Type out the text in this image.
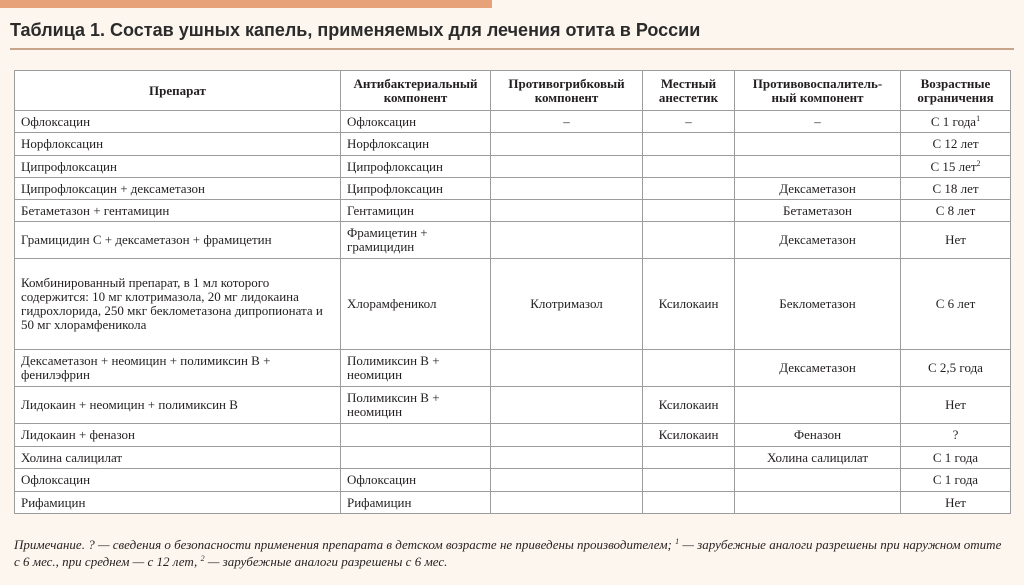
Таблица 1. Состав ушных капель, применяемых для лечения отита в России
Препарат	Антибактериальный компонент	Противогрибковый компонент	Местный анестетик	Противовоспалитель-ный компонент	Возрастные ограничения
Офлоксацин	Офлоксацин	–	–	–	С 1 года$^1$
Норфлоксацин	Норфлоксацин				С 12 лет
Ципрофлоксацин	Ципрофлоксацин				С 15 лет$^2$
Ципрофлоксацин + дексаметазон	Ципрофлоксацин			Дексаметазон	С 18 лет
Бетаметазон + гентамицин	Гентамицин			Бетаметазон	С 8 лет
Грамицидин С + дексаметазон + фрамицетин	Фрамицетин + грамицидин			Дексаметазон	Нет
Комбинированный препарат, в 1 мл которого содержится: 10 мг клотримазола, 20 мг лидокаина гидрохлорида, 250 мкг беклометазона дипропионата и 50 мг хлорамфеникола	Хлорамфеникол	Клотримазол	Ксилокаин	Беклометазон	С 6 лет
Дексаметазон + неомицин + полимиксин В + фенилэфрин	Полимиксин В + неомицин			Дексаметазон	С 2,5 года
Лидокаин + неомицин + полимиксин В	Полимиксин В + неомицин		Ксилокаин		Нет
Лидокаин + феназон			Ксилокаин	Феназон	?
Холина салицилат				Холина салицилат	С 1 года
Офлоксацин	Офлоксацин				С 1 года
Рифамицин	Рифамицин				Нет
Примечание. ? — сведения о безопасности применения препарата в детском возрасте не приведены производителем; $^1$ — зарубежные аналоги разрешены при наружном отите с 6 мес., при среднем — с 12 лет, $^2$ — зарубежные аналоги разрешены с 6 мес.
